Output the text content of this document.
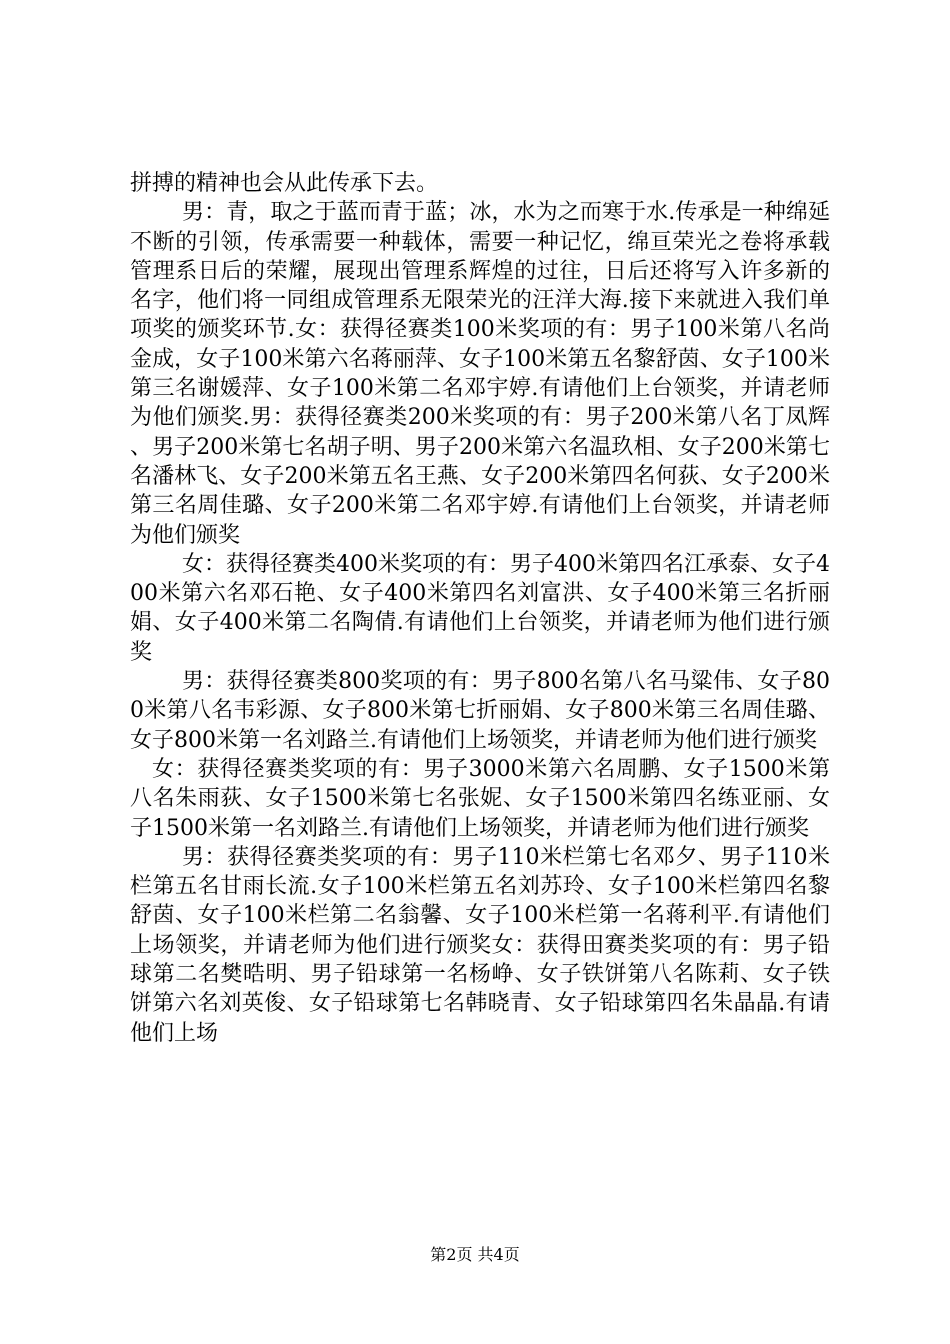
拼搏的精神也会从此传承下去。

男：青，取之于蓝而青于蓝；冰，水为之而寒于水.传承是一种绵延不断的引领，传承需要一种载体，需要一种记忆，绵亘荣光之卷将承载管理系日后的荣耀，展现出管理系辉煌的过往，日后还将写入许多新的名字，他们将一同组成管理系无限荣光的汪洋大海.接下来就进入我们单项奖的颁奖环节.女：获得径赛类100米奖项的有：男子100米第八名尚金成，女子100米第六名蒋丽萍、女子100米第五名黎舒茵、女子100米第三名谢媛萍、女子100米第二名邓宇婷.有请他们上台领奖，并请老师为他们颁奖.男：获得径赛类200米奖项的有：男子200米第八名丁凤辉、男子200米第七名胡子明、男子200米第六名温玖相、女子200米第七名潘林飞、女子200米第五名王燕、女子200米第四名何荻、女子200米第三名周佳璐、女子200米第二名邓宇婷.有请他们上台领奖，并请老师为他们颁奖

女：获得径赛类400米奖项的有：男子400米第四名江承泰、女子400米第六名邓石艳、女子400米第四名刘富洪、女子400米第三名折丽娟、女子400米第二名陶倩.有请他们上台领奖，并请老师为他们进行颁奖

男：获得径赛类800奖项的有：男子800名第八名马粱伟、女子800米第八名韦彩源、女子800米第七折丽娟、女子800米第三名周佳璐、女子800米第一名刘路兰.有请他们上场领奖，并请老师为他们进行颁奖

女：获得径赛类奖项的有：男子3000米第六名周鹏、女子1500米第八名朱雨荻、女子1500米第七名张妮、女子1500米第四名练亚丽、女子1500米第一名刘路兰.有请他们上场领奖，并请老师为他们进行颁奖

男：获得径赛类奖项的有：男子110米栏第七名邓夕、男子110米栏第五名甘雨长流.女子100米栏第五名刘苏玲、女子100米栏第四名黎舒茵、女子100米栏第二名翁馨、女子100米栏第一名蒋利平.有请他们上场领奖，并请老师为他们进行颁奖女：获得田赛类奖项的有：男子铅球第二名樊晧明、男子铅球第一名杨峥、女子铁饼第八名陈莉、女子铁饼第六名刘英俊、女子铅球第七名韩晓青、女子铅球第四名朱晶晶.有请他们上场

第2页 共4页
